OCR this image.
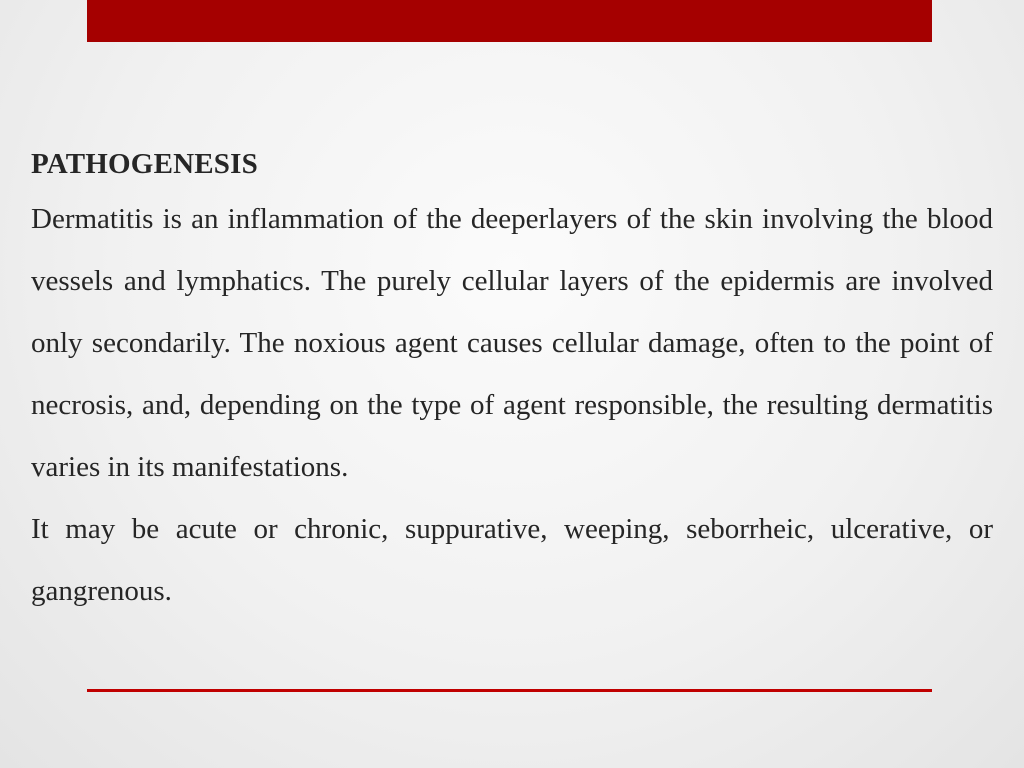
PATHOGENESIS

Dermatitis is an inflammation of the deeperlayers of the skin involving the blood vessels and lymphatics. The purely cellular layers of the epidermis are involved only secondarily. The noxious agent causes cellular damage, often to the point of necrosis, and, depending on the type of agent responsible, the resulting dermatitis varies in its manifestations.

It may be acute or chronic, suppurative, weeping, seborrheic, ulcerative, or gangrenous.
